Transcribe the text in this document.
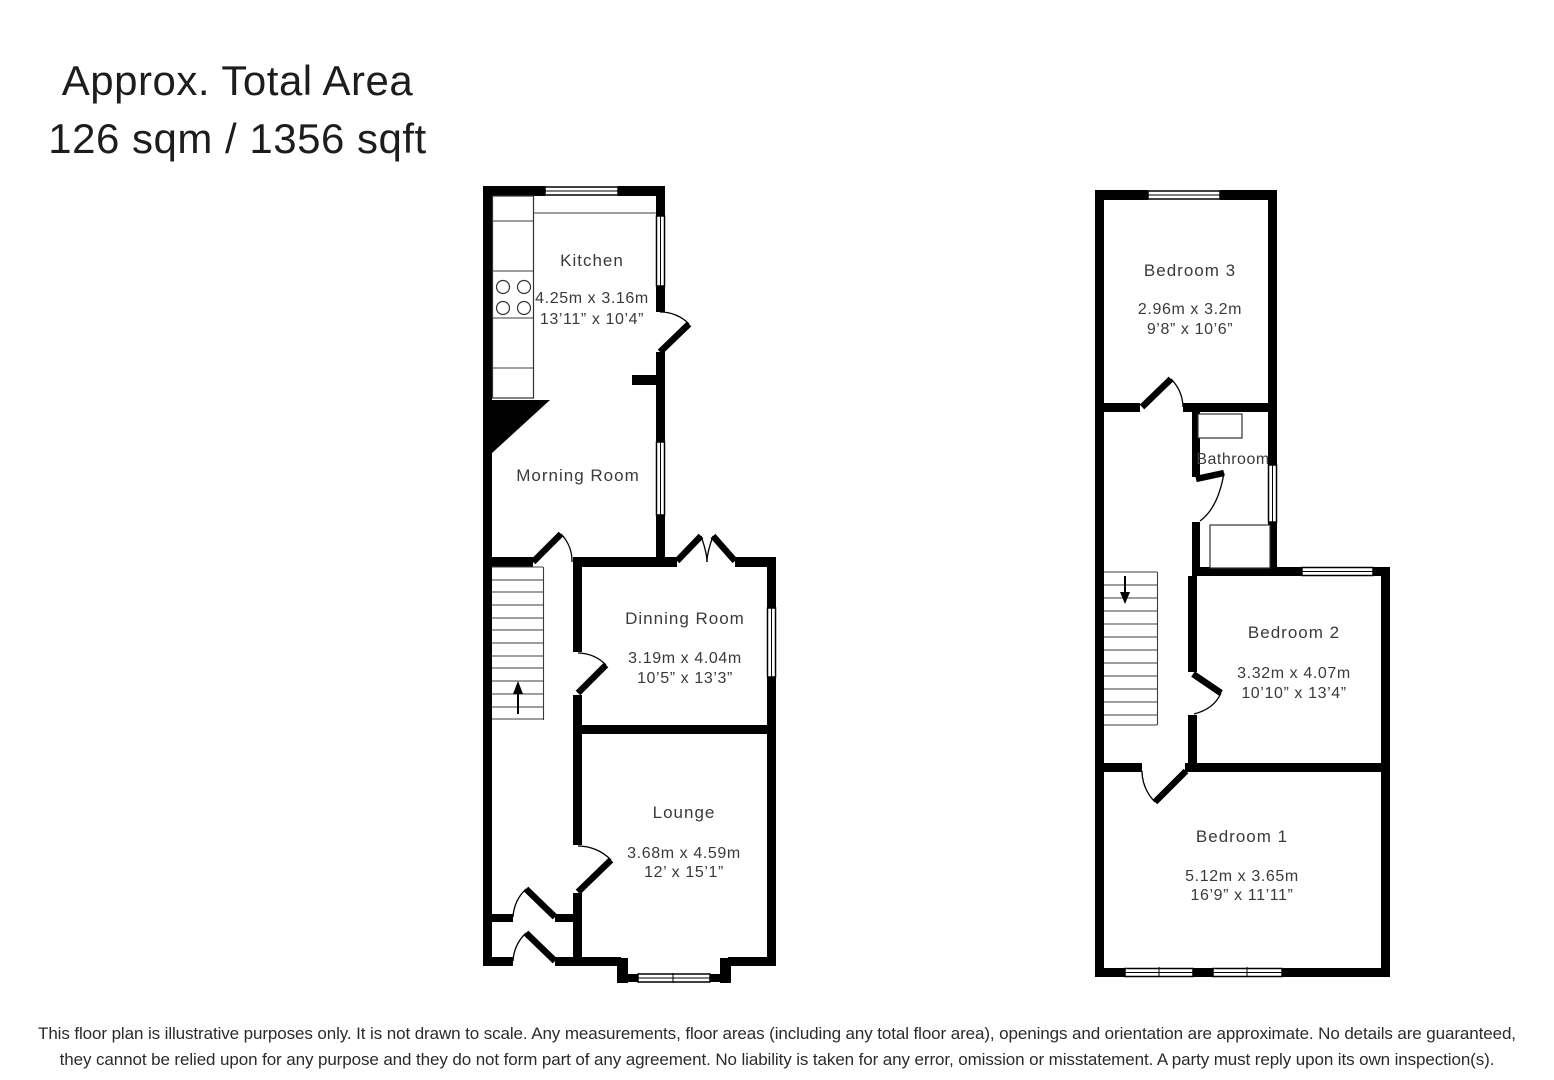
Approx. Total Area
126 sqm / 1356 sqft
Kitchen
4.25m x 3.16m
13’11” x 10’4”
Morning Room
Dinning Room
3.19m x 4.04m
10’5” x 13’3”
Lounge
3.68m x 4.59m
12’ x 15’1”
Bedroom 3
2.96m x 3.2m
9’8” x 10’6”
Bathroom
Bedroom 2
3.32m x 4.07m
10’10” x 13’4”
Bedroom 1
5.12m x 3.65m
16’9” x 11’11”
This floor plan is illustrative purposes only. It is not drawn to scale. Any measurements, floor areas (including any total floor area), openings and orientation are approximate. No details are guaranteed, they cannot be relied upon for any purpose and they do not form part of any agreement. No liability is taken for any error, omission or misstatement. A party must reply upon its own inspection(s).
